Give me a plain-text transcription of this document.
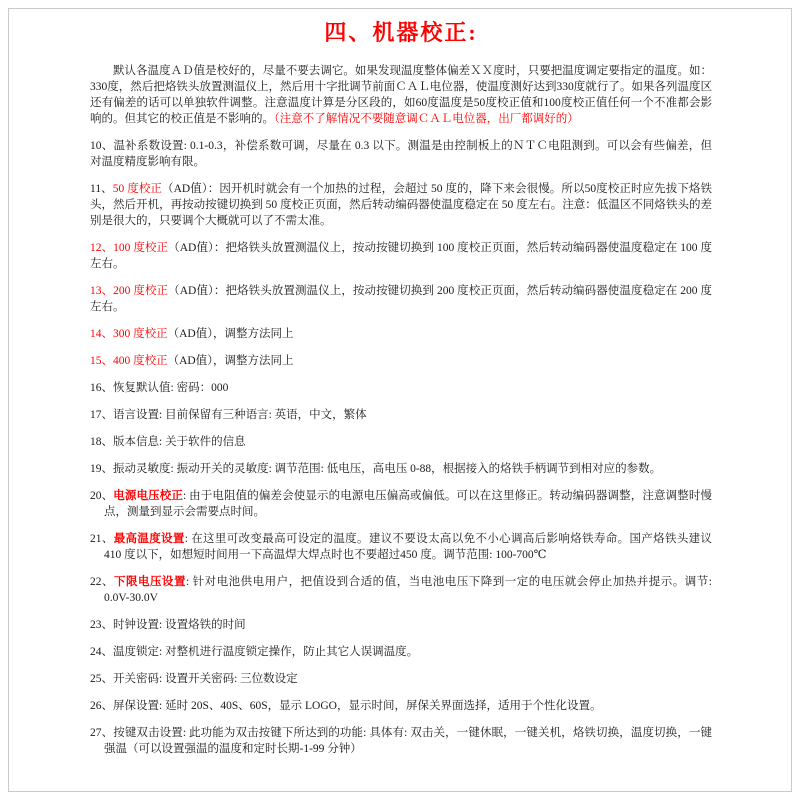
四、机器校正:

默认各温度ＡＤ值是校好的，尽量不要去调它。如果发现温度整体偏差ＸＸ度时，只要把温度调定要指定的温度。如：330度，然后把烙铁头放置测温仪上，然后用十字批调节前面ＣＡＬ电位器，使温度测好达到330度就行了。如果各列温度区还有偏差的话可以单独软件调整。注意温度计算是分区段的，如60度温度是50度校正值和100度校正值任何一个不准都会影响的。但其它的校正值是不影响的。（注意不了解情况不要随意调ＣＡＬ电位器，出厂都调好的）

10、温补系数设置: 0.1-0.3，补偿系数可调，尽量在 0.3 以下。测温是由控制板上的ＮＴＣ电阻测到。可以会有些偏差，但对温度精度影响有限。

11、50 度校正（AD值）：因开机时就会有一个加热的过程，会超过 50 度的，降下来会很慢。所以50度校正时应先拔下烙铁头，然后开机，再按动按键切换到 50 度校正页面，然后转动编码器使温度稳定在 50 度左右。注意：低温区不同烙铁头的差别是很大的，只要调个大概就可以了不需太准。

12、100 度校正（AD值）：把烙铁头放置测温仪上，按动按键切换到 100 度校正页面，然后转动编码器使温度稳定在 100 度左右。

13、200 度校正（AD值）：把烙铁头放置测温仪上，按动按键切换到 200 度校正页面，然后转动编码器使温度稳定在 200 度左右。

14、300 度校正（AD值），调整方法同上

15、400 度校正（AD值），调整方法同上

16、恢复默认值: 密码：000

17、语言设置: 目前保留有三种语言: 英语，中文，繁体

18、版本信息: 关于软件的信息

19、振动灵敏度: 振动开关的灵敏度: 调节范围: 低电压，高电压 0-88，根据接入的烙铁手柄调节到相对应的参数。

20、电源电压校正: 由于电阻值的偏差会使显示的电源电压偏高或偏低。可以在这里修正。转动编码器调整，注意调整时慢点，测量到显示会需要点时间。

21、最高温度设置: 在这里可改变最高可设定的温度。建议不要设太高以免不小心调高后影响烙铁寿命。国产烙铁头建议 410 度以下，如想短时间用一下高温焊大焊点时也不要超过450 度。调节范围: 100-700℃

22、下限电压设置: 针对电池供电用户，把值设到合适的值，当电池电压下降到一定的电压就会停止加热并提示。调节: 0.0V-30.0V

23、时钟设置: 设置烙铁的时间

24、温度锁定: 对整机进行温度锁定操作，防止其它人误调温度。

25、开关密码: 设置开关密码: 三位数设定

26、屏保设置: 延时 20S、40S、60S，显示 LOGO，显示时间，屏保关界面选择，适用于个性化设置。

27、按键双击设置: 此功能为双击按键下所达到的功能: 具体有: 双击关，一键休眠，一键关机，烙铁切换，温度切换，一键强温（可以设置强温的温度和定时长期-1-99 分钟）
